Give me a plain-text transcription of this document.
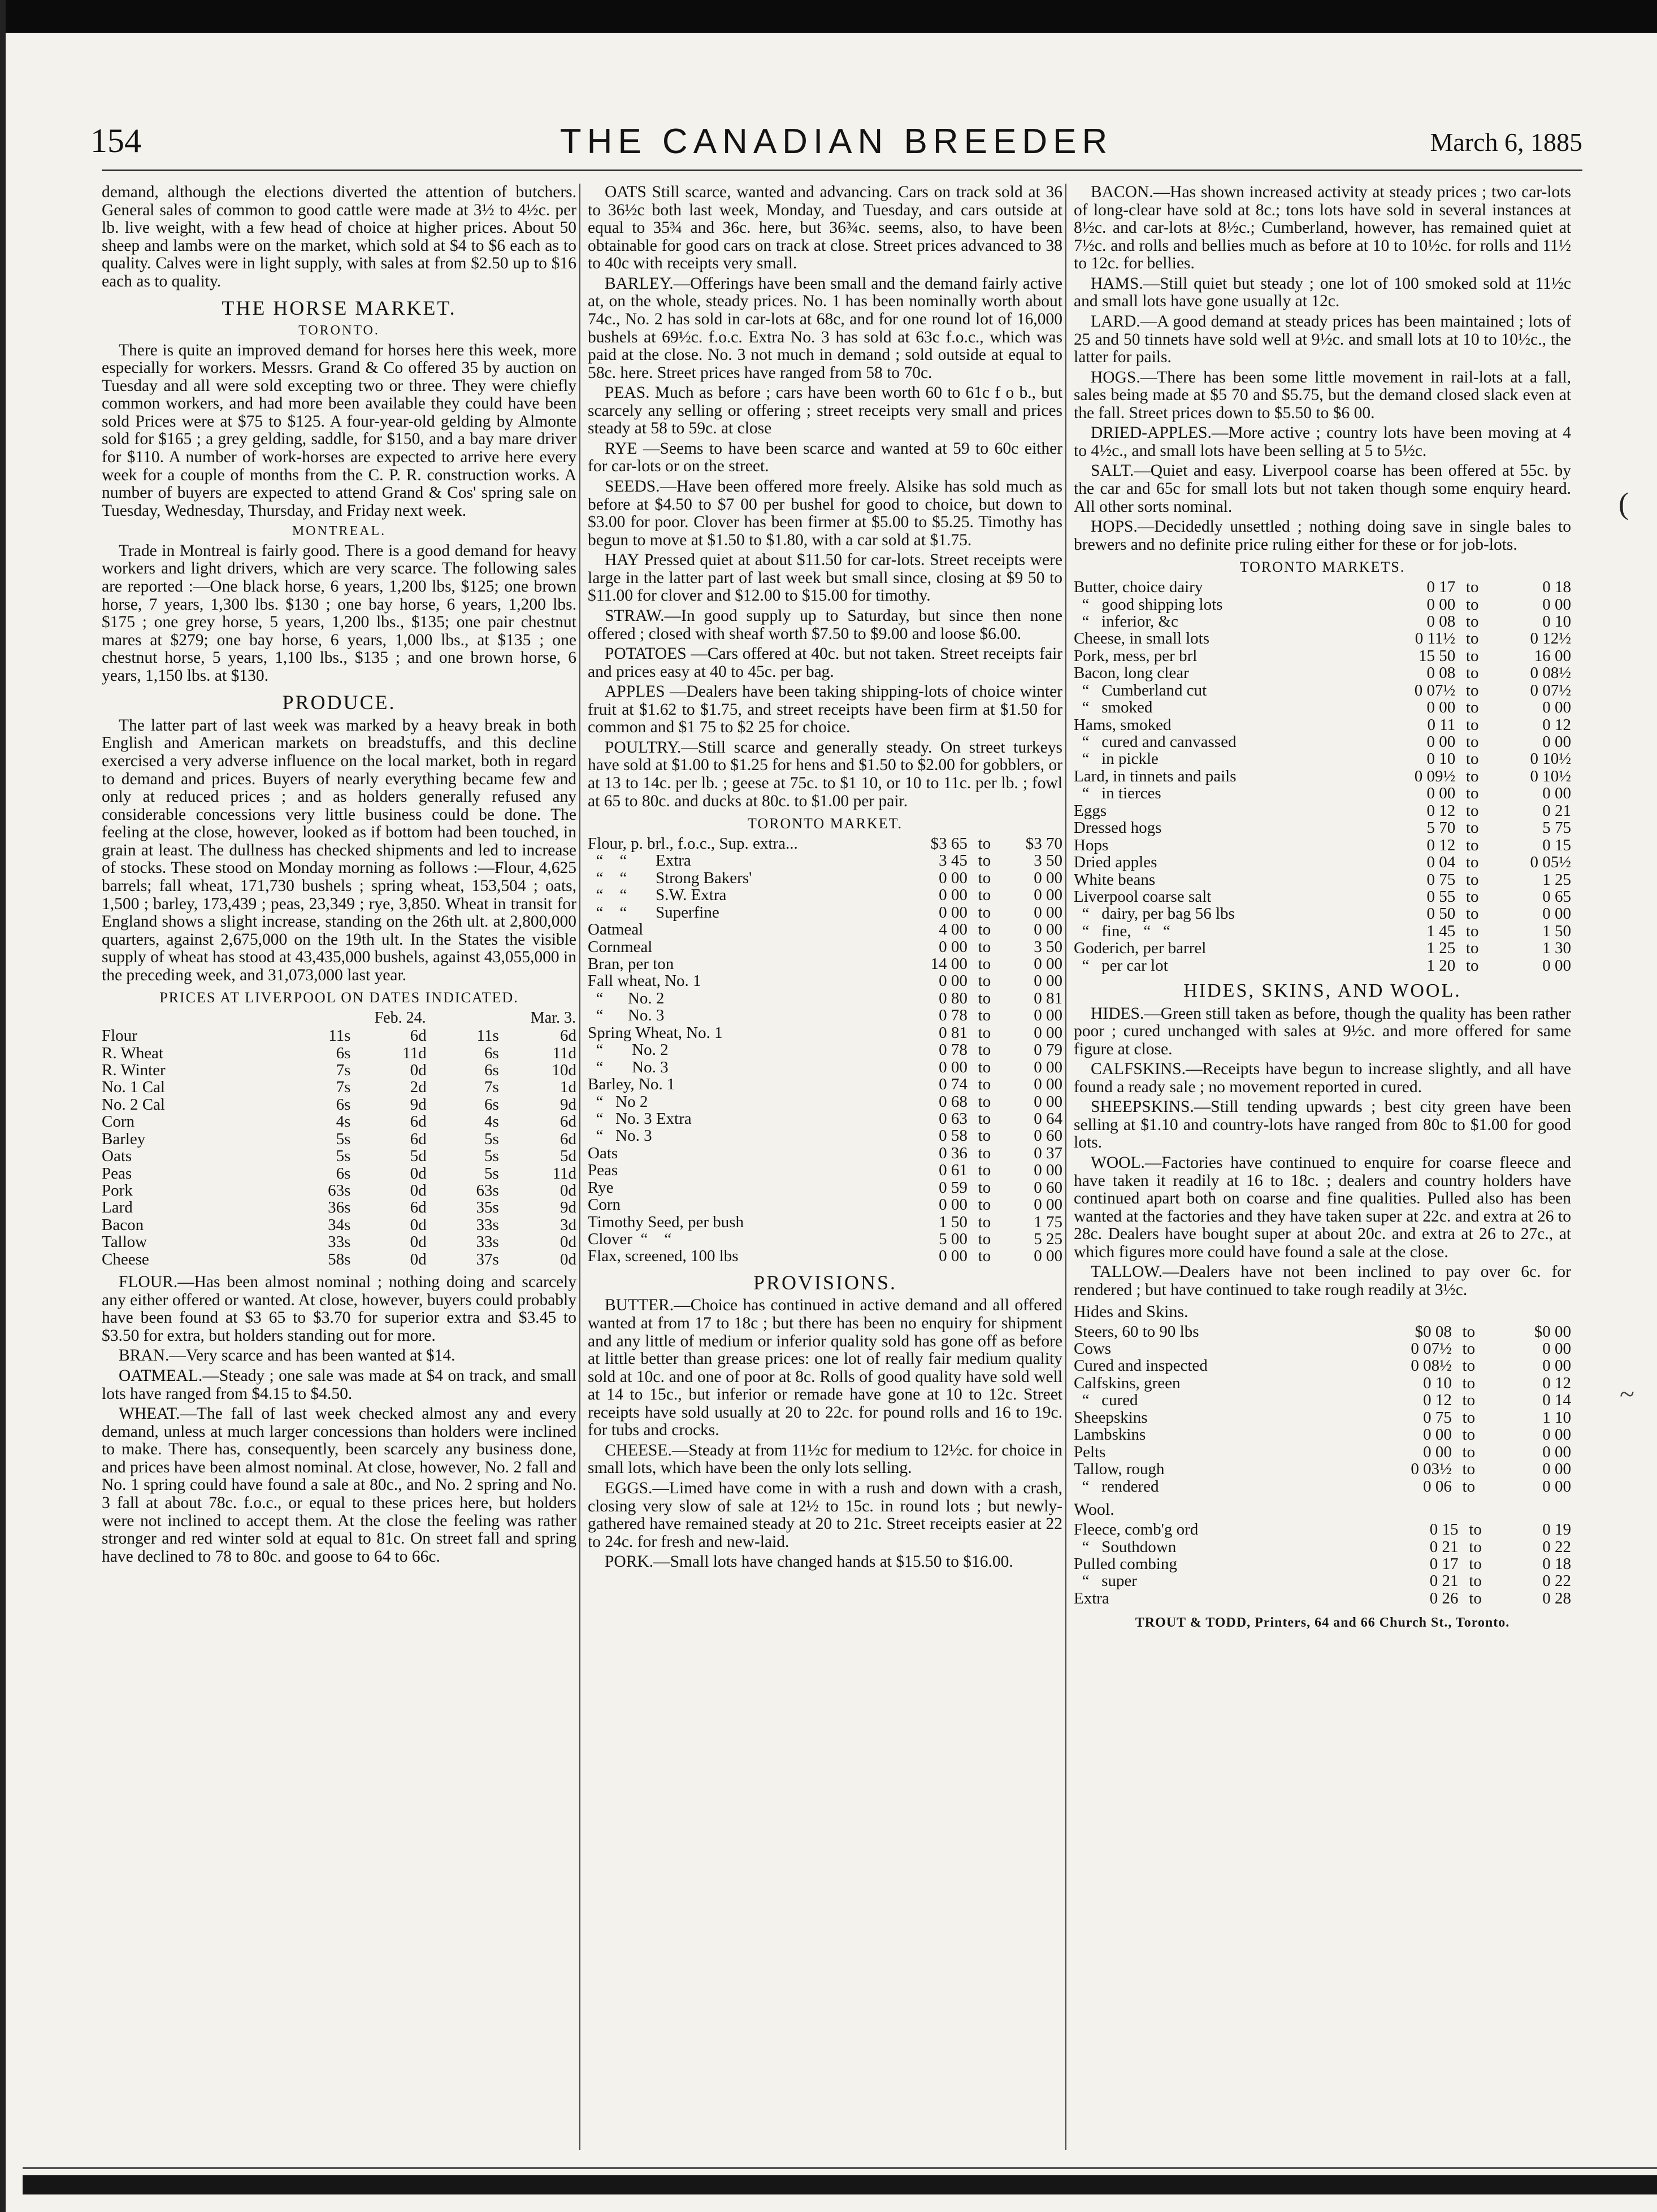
(
~
154	THE CANADIAN BREEDER	March 6, 1885

demand, although the elections diverted the attention of butchers. General sales of common to good cattle were made at 3½ to 4½c. per lb. live weight, with a few head of choice at higher prices. About 50 sheep and lambs were on the market, which sold at $4 to $6 each as to quality. Calves were in light supply, with sales at from $2.50 up to $16 each as to quality.

THE HORSE MARKET.
TORONTO.

There is quite an improved demand for horses here this week, more especially for workers. Messrs. Grand & Co offered 35 by auction on Tuesday and all were sold excepting two or three. They were chiefly common workers, and had more been available they could have been sold Prices were at $75 to $125. A four-year-old gelding by Almonte sold for $165 ; a grey gelding, saddle, for $150, and a bay mare driver for $110. A number of work-horses are expected to arrive here every week for a couple of months from the C. P. R. construction works. A number of buyers are expected to attend Grand & Cos' spring sale on Tuesday, Wednesday, Thursday, and Friday next week.

MONTREAL.

Trade in Montreal is fairly good. There is a good demand for heavy workers and light drivers, which are very scarce. The following sales are reported :—One black horse, 6 years, 1,200 lbs, $125; one brown horse, 7 years, 1,300 lbs. $130 ; one bay horse, 6 years, 1,200 lbs. $175 ; one grey horse, 5 years, 1,200 lbs., $135; one pair chestnut mares at $279; one bay horse, 6 years, 1,000 lbs., at $135 ; one chestnut horse, 5 years, 1,100 lbs., $135 ; and one brown horse, 6 years, 1,150 lbs. at $130.

PRODUCE.

The latter part of last week was marked by a heavy break in both English and American markets on breadstuffs, and this decline exercised a very adverse influence on the local market, both in regard to demand and prices. Buyers of nearly everything became few and only at reduced prices ; and as holders generally refused any considerable concessions very little business could be done. The feeling at the close, however, looked as if bottom had been touched, in grain at least. The dullness has checked shipments and led to increase of stocks. These stood on Monday morning as follows :—Flour, 4,625 barrels; fall wheat, 171,730 bushels ; spring wheat, 153,504 ; oats, 1,500 ; barley, 173,439 ; peas, 23,349 ; rye, 3,850. Wheat in transit for England shows a slight increase, standing on the 26th ult. at 2,800,000 quarters, against 2,675,000 on the 19th ult. In the States the visible supply of wheat has stood at 43,435,000 bushels, against 43,055,000 in the preceding week, and 31,073,000 last year.

PRICES AT LIVERPOOL ON DATES INDICATED.
	Feb. 24.		Mar. 3.	
Flour	11s	6d	11s	6d
R. Wheat	6s	11d	6s	11d
R. Winter	7s	0d	6s	10d
No. 1 Cal	7s	2d	7s	1d
No. 2 Cal	6s	9d	6s	9d
Corn	4s	6d	4s	6d
Barley	5s	6d	5s	6d
Oats	5s	5d	5s	5d
Peas	6s	0d	5s	11d
Pork	63s	0d	63s	0d
Lard	36s	6d	35s	9d
Bacon	34s	0d	33s	3d
Tallow	33s	0d	33s	0d
Cheese	58s	0d	37s	0d

FLOUR.—Has been almost nominal ; nothing doing and scarcely any either offered or wanted. At close, however, buyers could probably have been found at $3 65 to $3.70 for superior extra and $3.45 to $3.50 for extra, but holders standing out for more.

BRAN.—Very scarce and has been wanted at $14.

OATMEAL.—Steady ; one sale was made at $4 on track, and small lots have ranged from $4.15 to $4.50.

WHEAT.—The fall of last week checked almost any and every demand, unless at much larger concessions than holders were inclined to make. There has, consequently, been scarcely any business done, and prices have been almost nominal. At close, however, No. 2 fall and No. 1 spring could have found a sale at 80c., and No. 2 spring and No. 3 fall at about 78c. f.o.c., or equal to these prices here, but holders were not inclined to accept them. At the close the feeling was rather stronger and red winter sold at equal to 81c. On street fall and spring have declined to 78 to 80c. and goose to 64 to 66c.

OATS Still scarce, wanted and advancing. Cars on track sold at 36 to 36½c both last week, Monday, and Tuesday, and cars outside at equal to 35¾ and 36c. here, but 36¾c. seems, also, to have been obtainable for good cars on track at close. Street prices advanced to 38 to 40c with receipts very small.

BARLEY.—Offerings have been small and the demand fairly active at, on the whole, steady prices. No. 1 has been nominally worth about 74c., No. 2 has sold in car-lots at 68c, and for one round lot of 16,000 bushels at 69½c. f.o.c. Extra No. 3 has sold at 63c f.o.c., which was paid at the close. No. 3 not much in demand ; sold outside at equal to 58c. here. Street prices have ranged from 58 to 70c.

PEAS. Much as before ; cars have been worth 60 to 61c f o b., but scarcely any selling or offering ; street receipts very small and prices steady at 58 to 59c. at close

RYE —Seems to have been scarce and wanted at 59 to 60c either for car-lots or on the street.

SEEDS.—Have been offered more freely. Alsike has sold much as before at $4.50 to $7 00 per bushel for good to choice, but down to $3.00 for poor. Clover has been firmer at $5.00 to $5.25. Timothy has begun to move at $1.50 to $1.80, with a car sold at $1.75.

HAY Pressed quiet at about $11.50 for car-lots. Street receipts were large in the latter part of last week but small since, closing at $9 50 to $11.00 for clover and $12.00 to $15.00 for timothy.

STRAW.—In good supply up to Saturday, but since then none offered ; closed with sheaf worth $7.50 to $9.00 and loose $6.00.

POTATOES —Cars offered at 40c. but not taken. Street receipts fair and prices easy at 40 to 45c. per bag.

APPLES —Dealers have been taking shipping-lots of choice winter fruit at $1.62 to $1.75, and street receipts have been firm at $1.50 for common and $1 75 to $2 25 for choice.

POULTRY.—Still scarce and generally steady. On street turkeys have sold at $1.00 to $1.25 for hens and $1.50 to $2.00 for gobblers, or at 13 to 14c. per lb. ; geese at 75c. to $1 10, or 10 to 11c. per lb. ; fowl at 65 to 80c. and ducks at 80c. to $1.00 per pair.

TORONTO MARKET.
Flour, p. brl., f.o.c., Sup. extra...	$3 65	to	$3 70
“    “       Extra	3 45	to	3 50
“    “       Strong Bakers'	0 00	to	0 00
“    “       S.W. Extra	0 00	to	0 00
“    “       Superfine	0 00	to	0 00
Oatmeal	4 00	to	0 00
Cornmeal	0 00	to	3 50
Bran, per ton	14 00	to	0 00
Fall wheat, No. 1	0 00	to	0 00
“      No. 2	0 80	to	0 81
“      No. 3	0 78	to	0 00
Spring Wheat, No. 1	0 81	to	0 00
“       No. 2	0 78	to	0 79
“       No. 3	0 00	to	0 00
Barley, No. 1	0 74	to	0 00
“   No 2	0 68	to	0 00
“   No. 3 Extra	0 63	to	0 64
“   No. 3	0 58	to	0 60
Oats	0 36	to	0 37
Peas	0 61	to	0 00
Rye	0 59	to	0 60
Corn	0 00	to	0 00
Timothy Seed, per bush	1 50	to	1 75
Clover  “    “	5 00	to	5 25
Flax, screened, 100 lbs	0 00	to	0 00
PROVISIONS.

BUTTER.—Choice has continued in active demand and all offered wanted at from 17 to 18c ; but there has been no enquiry for shipment and any little of medium or inferior quality sold has gone off as before at little better than grease prices: one lot of really fair medium quality sold at 10c. and one of poor at 8c. Rolls of good quality have sold well at 14 to 15c., but inferior or remade have gone at 10 to 12c. Street receipts have sold usually at 20 to 22c. for pound rolls and 16 to 19c. for tubs and crocks.

CHEESE.—Steady at from 11½c for medium to 12½c. for choice in small lots, which have been the only lots selling.

EGGS.—Limed have come in with a rush and down with a crash, closing very slow of sale at 12½ to 15c. in round lots ; but newly-gathered have remained steady at 20 to 21c. Street receipts easier at 22 to 24c. for fresh and new-laid.

PORK.—Small lots have changed hands at $15.50 to $16.00.

BACON.—Has shown increased activity at steady prices ; two car-lots of long-clear have sold at 8c.; tons lots have sold in several instances at 8½c. and car-lots at 8½c.; Cumberland, however, has remained quiet at 7½c. and rolls and bellies much as before at 10 to 10½c. for rolls and 11½ to 12c. for bellies.

HAMS.—Still quiet but steady ; one lot of 100 smoked sold at 11½c and small lots have gone usually at 12c.

LARD.—A good demand at steady prices has been maintained ; lots of 25 and 50 tinnets have sold well at 9½c. and small lots at 10 to 10½c., the latter for pails.

HOGS.—There has been some little movement in rail-lots at a fall, sales being made at $5 70 and $5.75, but the demand closed slack even at the fall. Street prices down to $5.50 to $6 00.

DRIED-APPLES.—More active ; country lots have been moving at 4 to 4½c., and small lots have been selling at 5 to 5½c.

SALT.—Quiet and easy. Liverpool coarse has been offered at 55c. by the car and 65c for small lots but not taken though some enquiry heard. All other sorts nominal.

HOPS.—Decidedly unsettled ; nothing doing save in single bales to brewers and no definite price ruling either for these or for job-lots.

TORONTO MARKETS.
Butter, choice dairy	0 17	to	0 18
“   good shipping lots	0 00	to	0 00
“   inferior, &c	0 08	to	0 10
Cheese, in small lots	0 11½	to	0 12½
Pork, mess, per brl	15 50	to	16 00
Bacon, long clear	0 08	to	0 08½
“   Cumberland cut	0 07½	to	0 07½
“   smoked	0 00	to	0 00
Hams, smoked	0 11	to	0 12
“   cured and canvassed	0 00	to	0 00
“   in pickle	0 10	to	0 10½
Lard, in tinnets and pails	0 09½	to	0 10½
“   in tierces	0 00	to	0 00
Eggs	0 12	to	0 21
Dressed hogs	5 70	to	5 75
Hops	0 12	to	0 15
Dried apples	0 04	to	0 05½
White beans	0 75	to	1 25
Liverpool coarse salt	0 55	to	0 65
“   dairy, per bag 56 lbs	0 50	to	0 00
“   fine,   “   “	1 45	to	1 50
Goderich, per barrel	1 25	to	1 30
“   per car lot	1 20	to	0 00
HIDES, SKINS, AND WOOL.

HIDES.—Green still taken as before, though the quality has been rather poor ; cured unchanged with sales at 9½c. and more offered for same figure at close.

CALFSKINS.—Receipts have begun to increase slightly, and all have found a ready sale ; no movement reported in cured.

SHEEPSKINS.—Still tending upwards ; best city green have been selling at $1.10 and country-lots have ranged from 80c to $1.00 for good lots.

WOOL.—Factories have continued to enquire for coarse fleece and have taken it readily at 16 to 18c. ; dealers and country holders have continued apart both on coarse and fine qualities. Pulled also has been wanted at the factories and they have taken super at 22c. and extra at 26 to 28c. Dealers have bought super at about 20c. and extra at 26 to 27c., at which figures more could have found a sale at the close.

TALLOW.—Dealers have not been inclined to pay over 6c. for rendered ; but have continued to take rough readily at 3½c.

Hides and Skins.
Steers, 60 to 90 lbs	$0 08	to	$0 00
Cows	0 07½	to	0 00
Cured and inspected	0 08½	to	0 00
Calfskins, green	0 10	to	0 12
“   cured	0 12	to	0 14
Sheepskins	0 75	to	1 10
Lambskins	0 00	to	0 00
Pelts	0 00	to	0 00
Tallow, rough	0 03½	to	0 00
“   rendered	0 06	to	0 00
Wool.
Fleece, comb'g ord	0 15	to	0 19
“   Southdown	0 21	to	0 22
Pulled combing	0 17	to	0 18
“   super	0 21	to	0 22
Extra	0 26	to	0 28
TROUT & TODD, Printers, 64 and 66 Church St., Toronto.
